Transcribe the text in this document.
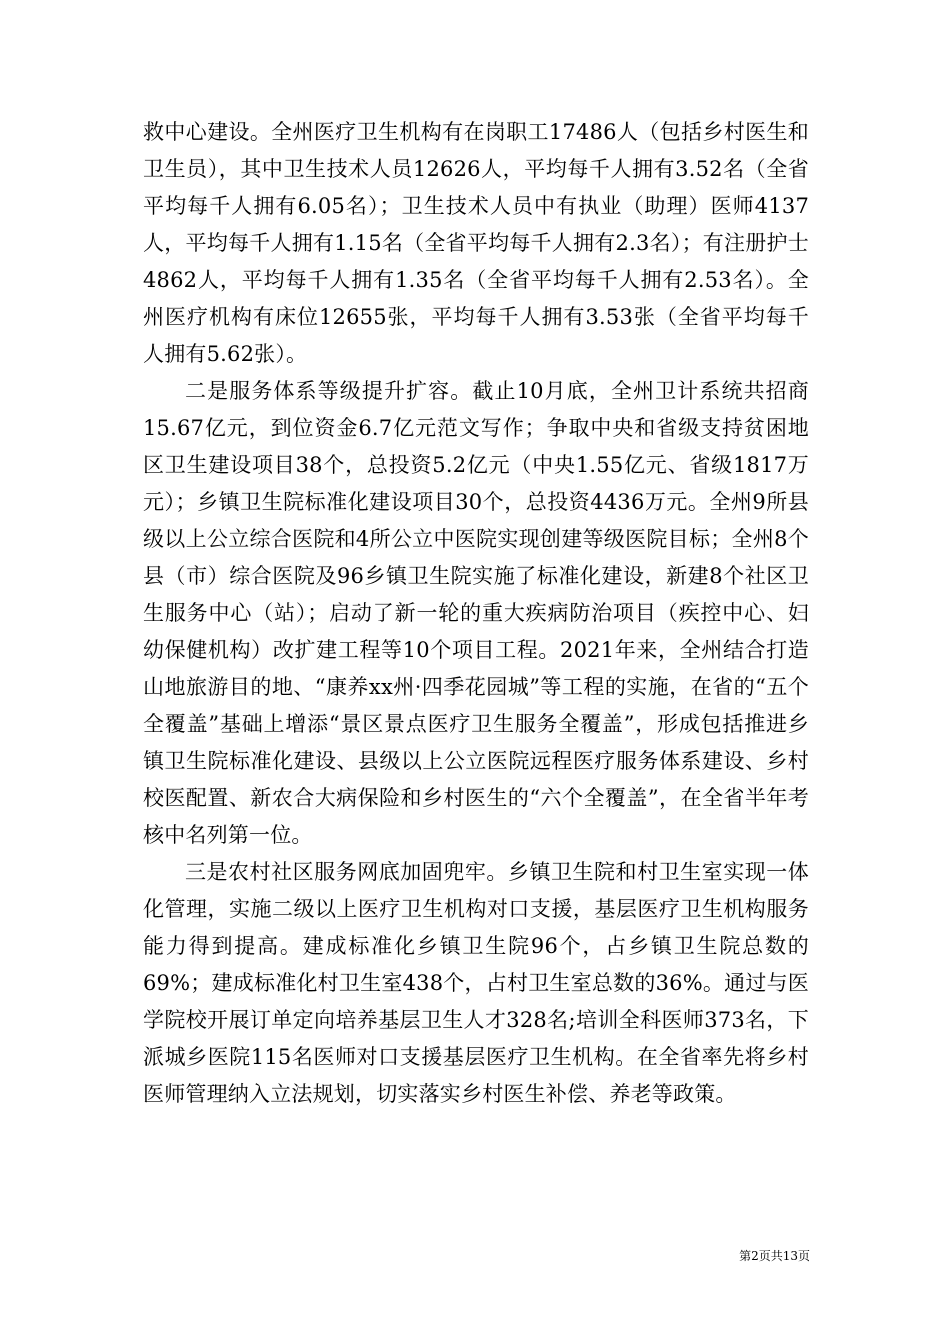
救中心建设。全州医疗卫生机构有在岗职工17486人（包括乡村医生和卫生员），其中卫生技术人员12626人，平均每千人拥有3.52名（全省平均每千人拥有6.05名）；卫生技术人员中有执业（助理）医师4137人，平均每千人拥有1.15名（全省平均每千人拥有2.3名）；有注册护士4862人，平均每千人拥有1.35名（全省平均每千人拥有2.53名）。全州医疗机构有床位12655张，平均每千人拥有3.53张（全省平均每千人拥有5.62张）。

二是服务体系等级提升扩容。截止10月底，全州卫计系统共招商15.67亿元，到位资金6.7亿元范文写作；争取中央和省级支持贫困地区卫生建设项目38个，总投资5.2亿元（中央1.55亿元、省级1817万元）；乡镇卫生院标准化建设项目30个，总投资4436万元。全州9所县级以上公立综合医院和4所公立中医院实现创建等级医院目标；全州8个县（市）综合医院及96乡镇卫生院实施了标准化建设，新建8个社区卫生服务中心（站）；启动了新一轮的重大疾病防治项目（疾控中心、妇幼保健机构）改扩建工程等10个项目工程。2021年来，全州结合打造山地旅游目的地、“康养xx州·四季花园城”等工程的实施，在省的“五个全覆盖”基础上增添“景区景点医疗卫生服务全覆盖”，形成包括推进乡镇卫生院标准化建设、县级以上公立医院远程医疗服务体系建设、乡村校医配置、新农合大病保险和乡村医生的“六个全覆盖”，在全省半年考核中名列第一位。

三是农村社区服务网底加固兜牢。乡镇卫生院和村卫生室实现一体化管理，实施二级以上医疗卫生机构对口支援，基层医疗卫生机构服务能力得到提高。建成标准化乡镇卫生院96个，占乡镇卫生院总数的69%；建成标准化村卫生室438个，占村卫生室总数的36%。通过与医学院校开展订单定向培养基层卫生人才328名;培训全科医师373名，下派城乡医院115名医师对口支援基层医疗卫生机构。在全省率先将乡村医师管理纳入立法规划，切实落实乡村医生补偿、养老等政策。

第2页共13页
